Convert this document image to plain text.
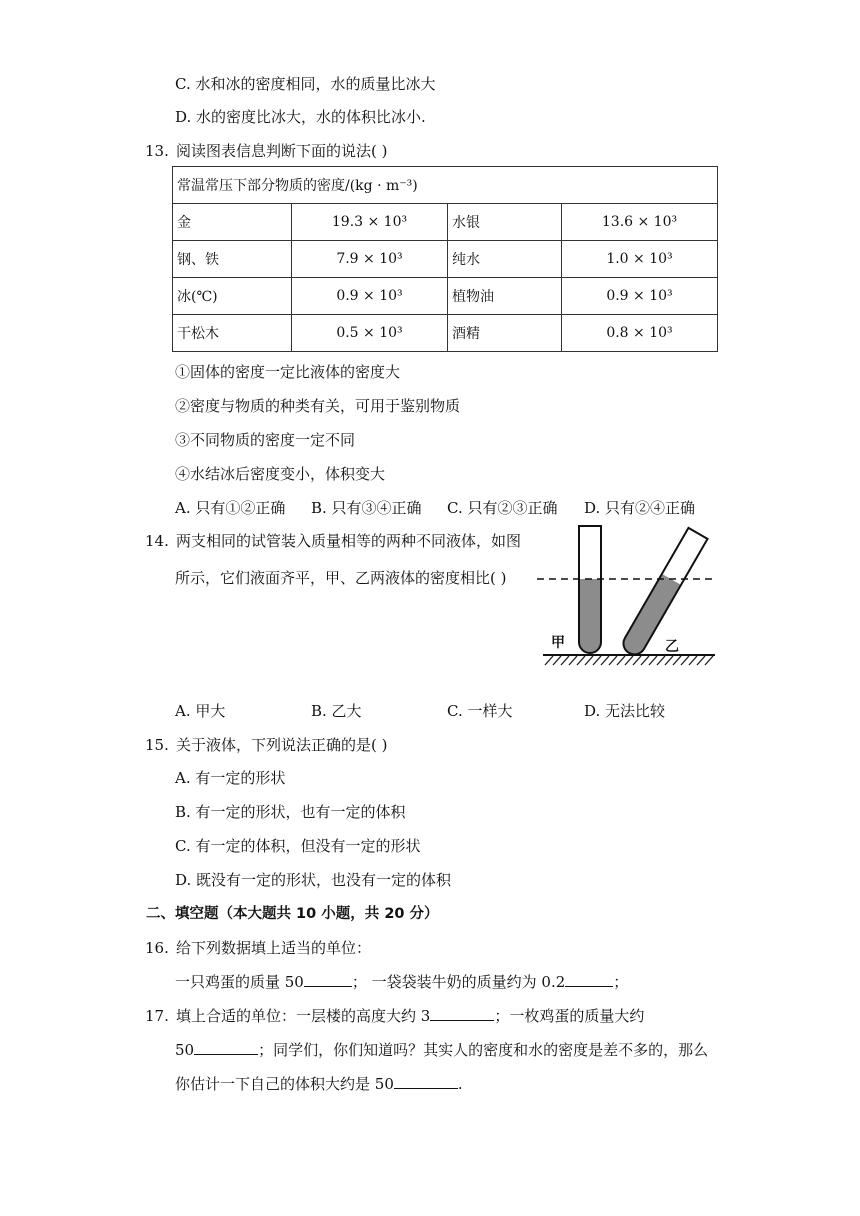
C. 水和冰的密度相同，水的质量比冰大
D. 水的密度比冰大，水的体积比冰小.
13. 阅读图表信息判断下面的说法( )
常温常压下部分物质的密度/(kg · m⁻³)			
金	19.3 × 10³	水银	13.6 × 10³
钢、铁	7.9 × 10³	纯水	1.0 × 10³
冰(℃)	0.9 × 10³	植物油	0.9 × 10³
干松木	0.5 × 10³	酒精	0.8 × 10³
①固体的密度一定比液体的密度大
②密度与物质的种类有关，可用于鉴别物质
③不同物质的密度一定不同
④水结冰后密度变小，体积变大
A. 只有①②正确 B. 只有③④正确 C. 只有②③正确 D. 只有②④正确
14. 两支相同的试管装入质量相等的两种不同液体，如图
所示，它们液面齐平，甲、乙两液体的密度相比( )
甲	乙
A. 甲大	B. 乙大	C. 一样大	D. 无法比较
15. 关于液体，下列说法正确的是( )
A. 有一定的形状
B. 有一定的形状，也有一定的体积
C. 有一定的体积，但没有一定的形状
D. 既没有一定的形状，也没有一定的体积
二、填空题（本大题共 10 小题，共 20 分）
16. 给下列数据填上适当的单位：
一只鸡蛋的质量 50	； 一袋袋装牛奶的质量约为 0.2	；
17. 填上合适的单位：一层楼的高度大约 3	；一枚鸡蛋的质量大约
50	；同学们，你们知道吗？其实人的密度和水的密度是差不多的，那么
你估计一下自己的体积大约是 50	.
